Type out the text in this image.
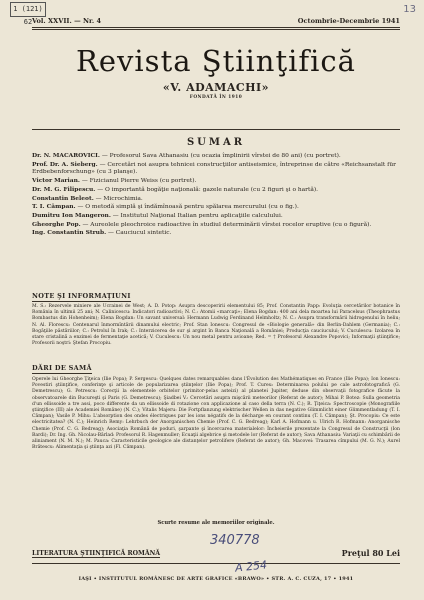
1 (121) 62
13
Vol. XXVII. — Nr. 4	Octombrie-Decembrie 1941
Revista Ştiinţifică
«V. ADAMACHI»
FONDATĂ ÎN 1910
SUMAR

Dr. N. MACAROVICI. — Profesorul Sava Athanasiu (cu ocazia împlinirii vîrstei de 80 ani) (cu portret).

Prof. Dr. A. Sieberg. — Cercetări noi asupra tehnicei construcţiilor antiseismice, întreprinse de către «Reichsanstalt für Erdbebenforschung» (cu 3 planşe).

Victor Marian. — Fizicianul Pierre Weiss (cu portret).

Dr. M. G. Filipescu. — O importantă bogăţie naţională: gazele naturale (cu 2 figuri şi o hartă).

Constantin Beleot. — Microchimia.

T. I. Câmpan. — O metodă simplă şi îndămînoasă pentru spălarea mercurului (cu o fig.).

Dumitru Ion Mangeron. — Institutul Naţional Italian pentru aplicaţiile calculului.

Gheorghe Pop. — Aureolele pleochroice radioactive în studiul determinării vîrstei rocelor eruptive (cu o figură).

Ing. Constantin Strub. — Cauciucul sintetic.

NOTE ŞI INFORMAŢIUNI
M. S.: Rezervele miniere ale Ucrainei de West; A. D. Potop: Asupra descoperirii elementului 85; Prof. Constantin Papp: Evoluţia cercetărilor botanice în România în ultimii 25 ani; N. Calinicescu: Indicatori radioactivi; N. C.: Atomii «marcaţi»; Elena Bogdan: 400 ani dela moartea lui Paracelsus (Theophrastus Bombastus din Hohenheim); Elena Bogdan: Un savant universal: Hermann Ludwig Ferdinand Helmholtz; N. C.: Asupra transformării hidrogenului în heliu; N. Al. Florescu: Centenarul înmormîntării dinamului electric; Prof. Stan Ionescu: Congresul de «Biologie generală» din Berlin-Dahlem (Germania); C.: Bogăţiile păstăriilor; C.: Petrolul în Irak; C.: Interzicerea de sur şi argint în Banca Naţională a României; Producţia cauciucului; V. Cuculescu: Izolarea în stare cristalină a enzimei de fermentaţie acetică; V. Cuculescu: Un nou metal pentru avioane; Red. = † Profesorul Alexandre Popovici; Informaţii ştiinţifice; Profesorii noştri: Ştefan Procopiu.
DĂRI DE SAMĂ
Operele lui Gheorghe Ţiţeica (Ilie Popa); P. Sergescu: Quelques dates remarquables dans l'Évolution des Mathématiques en France (Ilie Popa); Ion Ionescu: Povestiri ştiinţifice, conferinţe şi articole de popularizarea ştiinţelor (Ilie Popa); Prof. T. Cureu: Determinarea polului pe cale astrofotografică (G. Demetrescu); G. Petrescu: Corecţii la elementele orbitelor (primitor-pelas asteizi) al planetei Jupiter, deduse din observaţii fotografice făcute la observatoarele din Bucureşti şi Paris (G. Demetrescu); Şiadbei V.: Cercetări asupra mişcării meteorilor (Referat de autor); Mihai P. Botez: Sulla geometria d'un ellissoide a tre assi, poco differente da un ellissoide di rotazione con applicazione al caso della terra (N. C.); R. Ţiţeica: Spectroscopie (Monografiile ştiinţifice (III) ale Academiei Române) (N. C.); Vitalis Majeru: Die Fortpflanzung elektrischer Wellen in das negative Glimmlicht einer Glimmentladung (T. I. Câmpan); Vasile P. Mihu: L'absorption des ondes électriques par les ions négatifs de la décharge en courant continu (T. I. Câmpan); Şt. Procopiu: Ce este electricitatea? (N. C.); Heinrich Remy: Lehrbuch der Anorganischen Chemie (Prof. C. G. Bedreag); Karl A. Hofmann u. Ulrich R. Hofmann: Anorganische Chemie (Prof. C. G. Bedreag); Asociaţia Română de poduri, şarpante şi încercarea materialelor: Încheierile prezentate la Congresul de Construcţii (Ion Bardi); Dr. Ing. Gh. Nicolau-Bărlad: Profesorul R. Hagenmuller; Ecuaţii algebrice şi metodele lor (Referat de autor); Sava Athanasiu: Variaţii cu schimbării de aliniament (N. M. N.); M. Pauca: Caracteristicile geologice ale distanţelor petrolifere (Referat de autor); Gh. Macovei: Trasarea cîmpului (M. G. N.); Aurel Brătescu: Alimentaţia şi ştiinţa azi (Fl. Câmpan).
Scurte resume ale memoriilor originale.
340778
LITERATURA ŞTIINŢIFICĂ ROMÂNĂ	Preţul 80 Lei
A 254
IAŞI • INSTITUTUL ROMÂNESC DE ARTE GRAFICE «BRAWO» • STR. A. C. CUZA, 17 • 1941
